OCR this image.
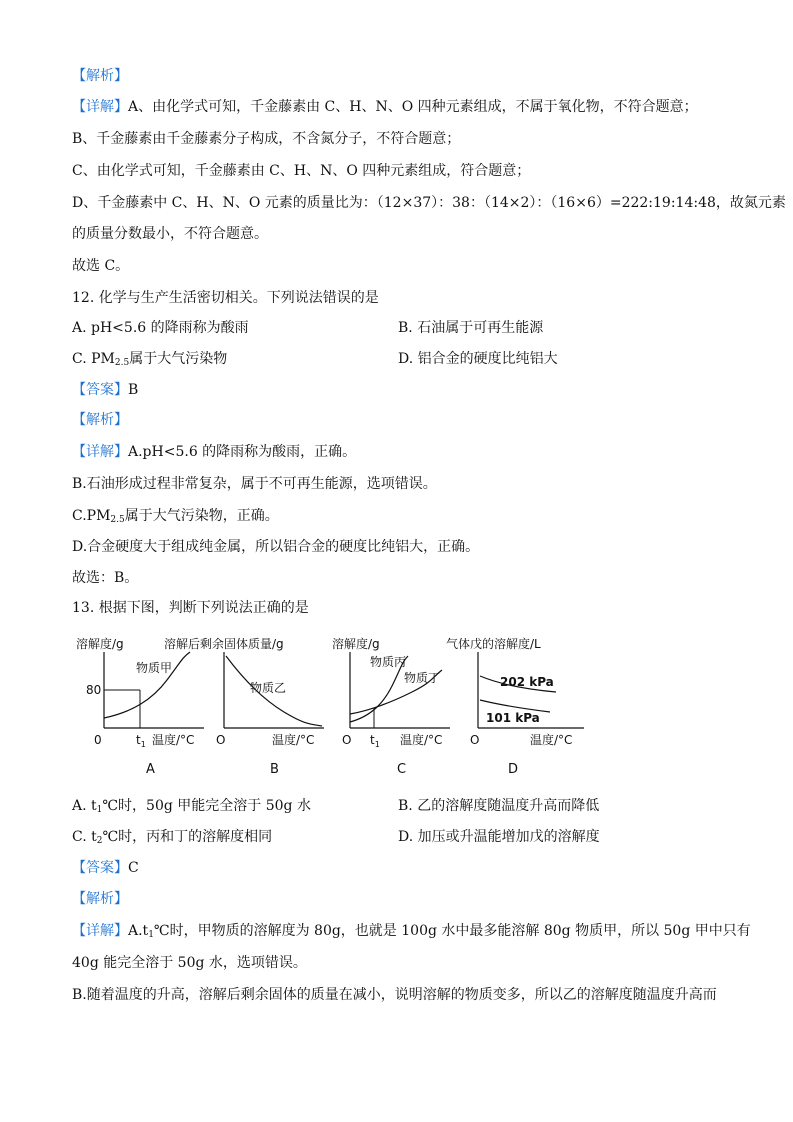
【解析】
【详解】A、由化学式可知，千金藤素由 C、H、N、O 四种元素组成，不属于氧化物，不符合题意；
B、千金藤素由千金藤素分子构成，不含氮分子，不符合题意；
C、由化学式可知，千金藤素由 C、H、N、O 四种元素组成，符合题意；
D、千金藤素中 C、H、N、O 元素的质量比为：（12×37）：38：（14×2）：（16×6）=222:19:14:48，故氮元素
的质量分数最小，不符合题意。
故选 C。
12. 化学与生产生活密切相关。下列说法错误的是
A. pH<5.6 的降雨称为酸雨	B. 石油属于可再生能源
C. $PM_{2.5}$属于大气污染物	D. 铝合金的硬度比纯铝大
【答案】B
【解析】
【详解】A.pH<5.6 的降雨称为酸雨，正确。
B.石油形成过程非常复杂，属于不可再生能源，选项错误。
$C.PM_{2.5}$属于大气污染物，正确。
D.合金硬度大于组成纯金属，所以铝合金的硬度比纯铝大，正确。
故选：B。
13. 根据下图，判断下列说法正确的是
溶解度/g
80
物质甲
0	$t_1$ 温度/°C
A
物质乙
O	温度/°C
溶解后剩余固体质量/g
B
溶解度/g
物质丙
物质丁
O $t_1$ 温度/°C
C
气体戊的溶解度/L
202 kPa
101 kPa
O	温度/°C
D
A. $t_1℃$时，50g 甲能完全溶于 50g 水	B. 乙的溶解度随温度升高而降低
C. $t_2℃$时，丙和丁的溶解度相同	D. 加压或升温能增加戊的溶解度
【答案】C
【解析】
【详解】$A.t_1℃$时，甲物质的溶解度为 80g，也就是 100g 水中最多能溶解 80g 物质甲，所以 50g 甲中只有
40g 能完全溶于 50g 水，选项错误。
B.随着温度的升高，溶解后剩余固体的质量在减小，说明溶解的物质变多，所以乙的溶解度随温度升高而
